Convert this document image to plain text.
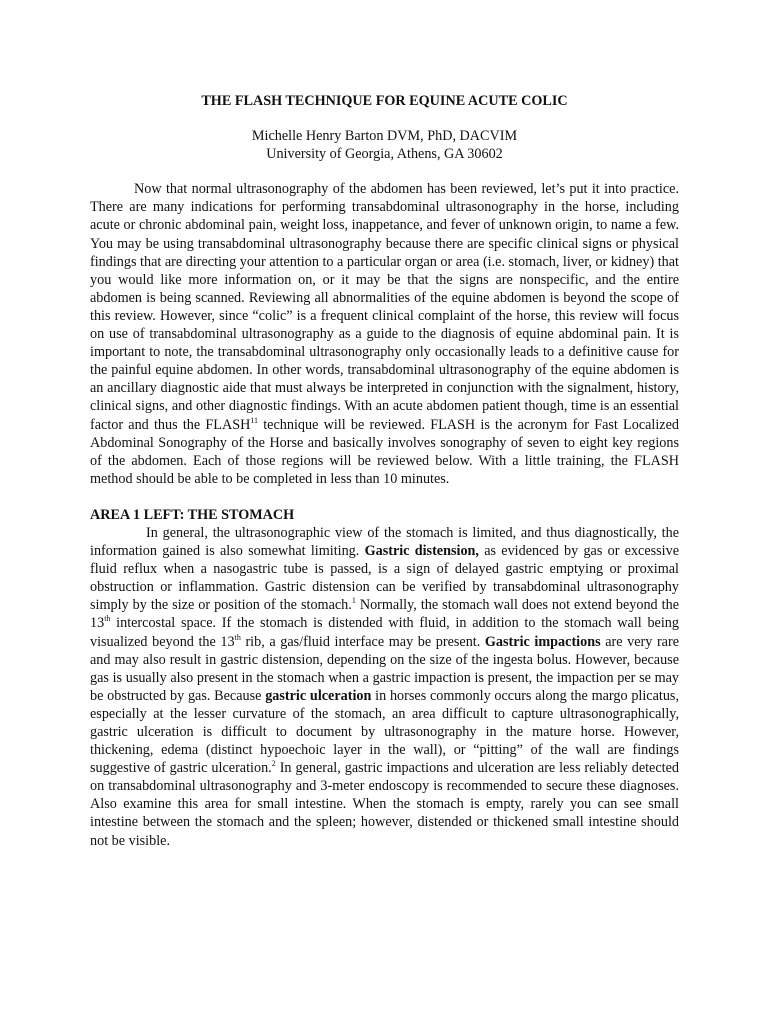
THE FLASH TECHNIQUE FOR EQUINE ACUTE COLIC
Michelle Henry Barton DVM, PhD, DACVIM
University of Georgia, Athens, GA 30602

Now that normal ultrasonography of the abdomen has been reviewed, let’s put it into practice. There are many indications for performing transabdominal ultrasonography in the horse, including acute or chronic abdominal pain, weight loss, inappetance, and fever of unknown origin, to name a few. You may be using transabdominal ultrasonography because there are specific clinical signs or physical findings that are directing your attention to a particular organ or area (i.e. stomach, liver, or kidney) that you would like more information on, or it may be that the signs are nonspecific, and the entire abdomen is being scanned. Reviewing all abnormalities of the equine abdomen is beyond the scope of this review. However, since “colic” is a frequent clinical complaint of the horse, this review will focus on use of transabdominal ultrasonography as a guide to the diagnosis of equine abdominal pain. It is important to note, the transabdominal ultrasonography only occasionally leads to a definitive cause for the painful equine abdomen. In other words, transabdominal ultrasonography of the equine abdomen is an ancillary diagnostic aide that must always be interpreted in conjunction with the signalment, history, clinical signs, and other diagnostic findings. With an acute abdomen patient though, time is an essential factor and thus the FLASH$^{11}$ technique will be reviewed. FLASH is the acronym for Fast Localized Abdominal Sonography of the Horse and basically involves sonography of seven to eight key regions of the abdomen. Each of those regions will be reviewed below. With a little training, the FLASH method should be able to be completed in less than 10 minutes.

AREA 1 LEFT: THE STOMACH

In general, the ultrasonographic view of the stomach is limited, and thus diagnostically, the information gained is also somewhat limiting. Gastric distension, as evidenced by gas or excessive fluid reflux when a nasogastric tube is passed, is a sign of delayed gastric emptying or proximal obstruction or inflammation. Gastric distension can be verified by transabdominal ultrasonography simply by the size or position of the stomach.$^1$ Normally, the stomach wall does not extend beyond the 13th intercostal space. If the stomach is distended with fluid, in addition to the stomach wall being visualized beyond the 13th rib, a gas/fluid interface may be present. Gastric impactions are very rare and may also result in gastric distension, depending on the size of the ingesta bolus. However, because gas is usually also present in the stomach when a gastric impaction is present, the impaction per se may be obstructed by gas. Because gastric ulceration in horses commonly occurs along the margo plicatus, especially at the lesser curvature of the stomach, an area difficult to capture ultrasonographically, gastric ulceration is difficult to document by ultrasonography in the mature horse. However, thickening, edema (distinct hypoechoic layer in the wall), or “pitting” of the wall are findings suggestive of gastric ulceration.$^2$ In general, gastric impactions and ulceration are less reliably detected on transabdominal ultrasonography and 3-meter endoscopy is recommended to secure these diagnoses. Also examine this area for small intestine. When the stomach is empty, rarely you can see small intestine between the stomach and the spleen; however, distended or thickened small intestine should not be visible.
